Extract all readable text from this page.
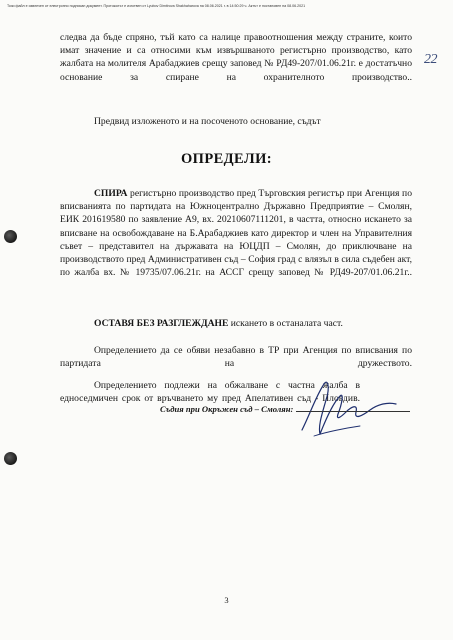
Този файл е извлечен от електронно подписан документ. Протоколът е изготвен от Lyubov Dimitrova Shakhaharova на 08.06.2021 г. в 14:50:29 ч. Актът е постановен на 08.06.2021
22

следва да бъде спряно, тъй като са налице правоотношения между страните, които имат значение и са относими към извършваното регистърно производство, като жалбата на молителя Арабаджиев срещу заповед № РД49-207/01.06.21г. е достатъчно основание за спиране на охранителното производство..

Предвид изложеното и на посоченото основание, съдът

ОПРЕДЕЛИ:

СПИРА регистърно производство пред Търговския регистър при Агенция по вписванията по партидата на Южноцентрално Държавно Предприятие – Смолян, ЕИК 201619580 по заявление А9, вх. 20210607111201, в частта, относно искането за вписване на освобождаване на Б.Арабаджиев като директор и член на Управителния съвет – представител на държавата на ЮЦДП – Смолян, до приключване на производството пред Административен съд – София град с влязъл в сила съдебен акт, по жалба вх. № 19735/07.06.21г. на АССГ срещу заповед № РД49-207/01.06.21г..

ОСТАВЯ БЕЗ РАЗГЛЕЖДАНЕ искането в останалата част.

Определението да се обяви незабавно в ТР при Агенция по вписвания по партидата на дружеството.

Определението подлежи на обжалване с частна жалба в едноседмичен срок от връчването му пред Апелативен съд - Пловдив.

Съдия при Окръжен съд – Смолян:
3
